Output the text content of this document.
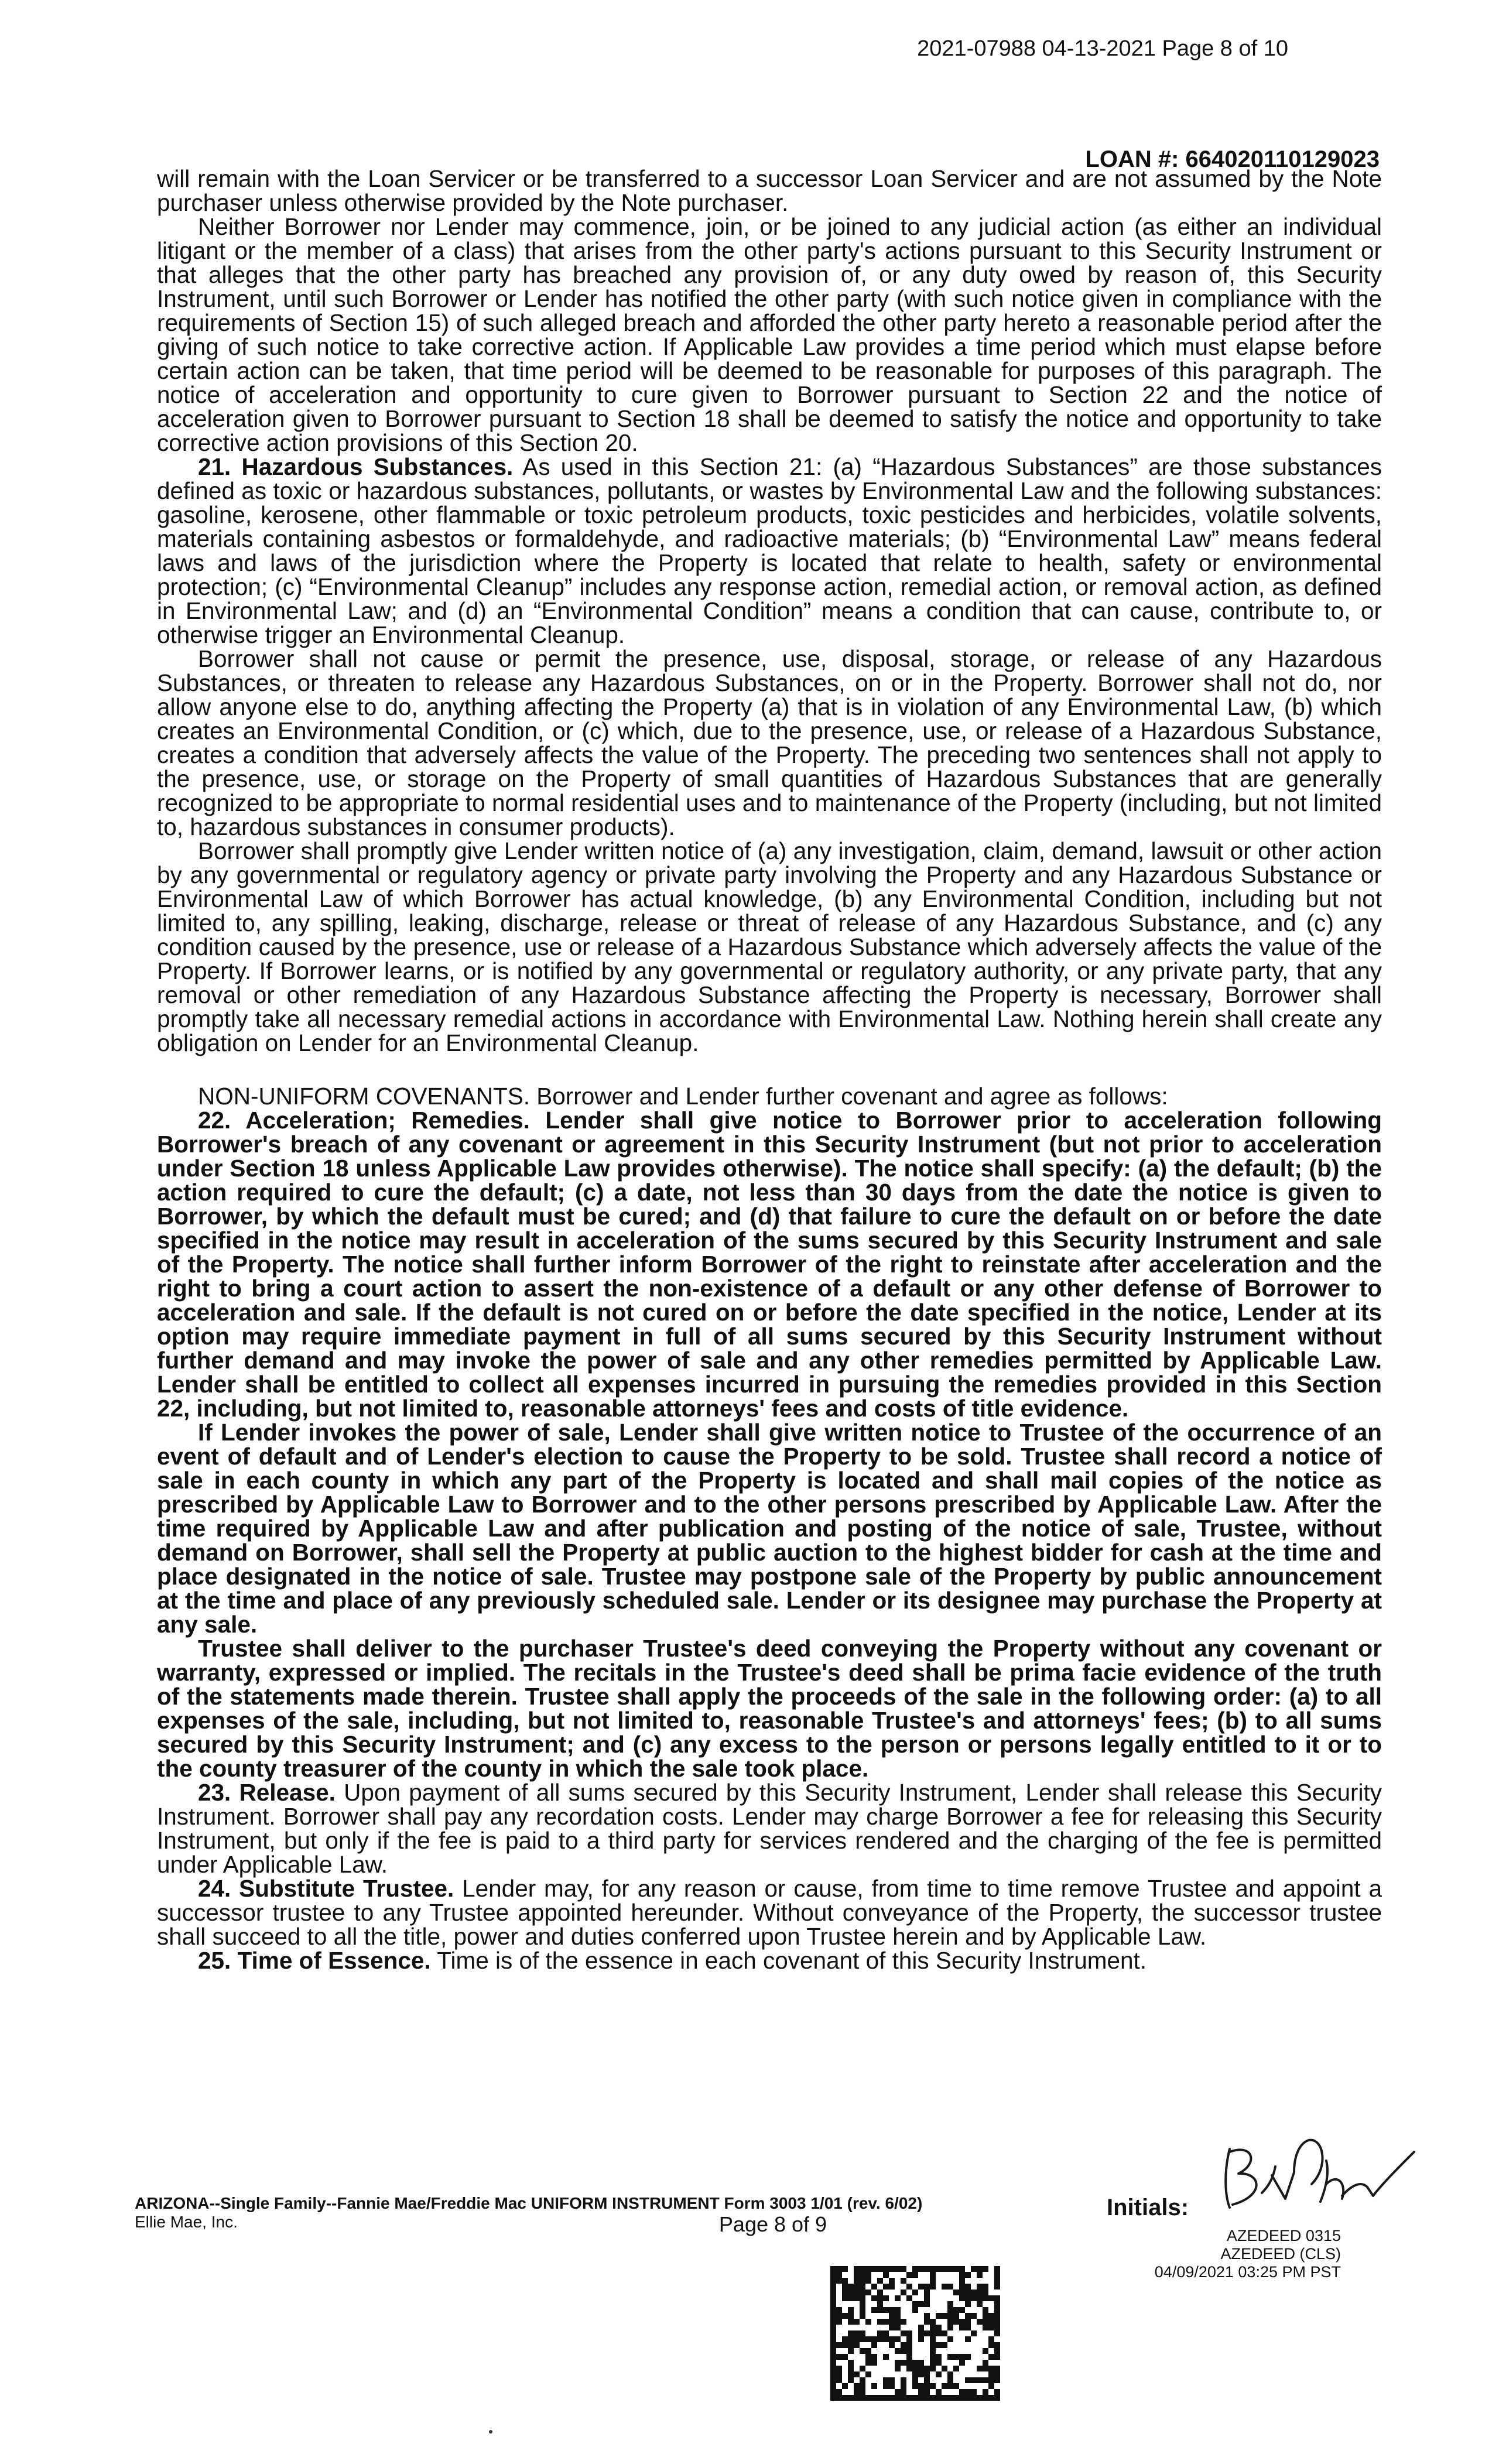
2021-07988 04-13-2021 Page 8 of 10
LOAN #: 664020110129023

will remain with the Loan Servicer or be transferred to a successor Loan Servicer and are not assumed by the Note purchaser unless otherwise provided by the Note purchaser.

Neither Borrower nor Lender may commence, join, or be joined to any judicial action (as either an individual litigant or the member of a class) that arises from the other party's actions pursuant to this Security Instrument or that alleges that the other party has breached any provision of, or any duty owed by reason of, this Security Instrument, until such Borrower or Lender has notified the other party (with such notice given in compliance with the requirements of Section 15) of such alleged breach and afforded the other party hereto a reasonable period after the giving of such notice to take corrective action. If Applicable Law provides a time period which must elapse before certain action can be taken, that time period will be deemed to be reasonable for purposes of this paragraph. The notice of acceleration and opportunity to cure given to Borrower pursuant to Section 22 and the notice of acceleration given to Borrower pursuant to Section 18 shall be deemed to satisfy the notice and opportunity to take corrective action provisions of this Section 20.

21. Hazardous Substances. As used in this Section 21: (a) “Hazardous Substances” are those substances defined as toxic or hazardous substances, pollutants, or wastes by Environmental Law and the following substances: gasoline, kerosene, other flammable or toxic petroleum products, toxic pesticides and herbicides, volatile solvents, materials containing asbestos or formaldehyde, and radioactive materials; (b) “Environmental Law” means federal laws and laws of the jurisdiction where the Property is located that relate to health, safety or environmental protection; (c) “Environmental Cleanup” includes any response action, remedial action, or removal action, as defined in Environmental Law; and (d) an “Environmental Condition” means a condition that can cause, contribute to, or otherwise trigger an Environmental Cleanup.

Borrower shall not cause or permit the presence, use, disposal, storage, or release of any Hazardous Substances, or threaten to release any Hazardous Substances, on or in the Property. Borrower shall not do, nor allow anyone else to do, anything affecting the Property (a) that is in violation of any Environmental Law, (b) which creates an Environmental Condition, or (c) which, due to the presence, use, or release of a Hazardous Substance, creates a condition that adversely affects the value of the Property. The preceding two sentences shall not apply to the presence, use, or storage on the Property of small quantities of Hazardous Substances that are generally recognized to be appropriate to normal residential uses and to maintenance of the Property (including, but not limited to, hazardous substances in consumer products).

Borrower shall promptly give Lender written notice of (a) any investigation, claim, demand, lawsuit or other action by any governmental or regulatory agency or private party involving the Property and any Hazardous Substance or Environmental Law of which Borrower has actual knowledge, (b) any Environmental Condition, including but not limited to, any spilling, leaking, discharge, release or threat of release of any Hazardous Substance, and (c) any condition caused by the presence, use or release of a Hazardous Substance which adversely affects the value of the Property. If Borrower learns, or is notified by any governmental or regulatory authority, or any private party, that any removal or other remediation of any Hazardous Substance affecting the Property is necessary, Borrower shall promptly take all necessary remedial actions in accordance with Environmental Law. Nothing herein shall create any obligation on Lender for an Environmental Cleanup.

NON-UNIFORM COVENANTS. Borrower and Lender further covenant and agree as follows:

22. Acceleration; Remedies. Lender shall give notice to Borrower prior to acceleration following Borrower's breach of any covenant or agreement in this Security Instrument (but not prior to acceleration under Section 18 unless Applicable Law provides otherwise). The notice shall specify: (a) the default; (b) the action required to cure the default; (c) a date, not less than 30 days from the date the notice is given to Borrower, by which the default must be cured; and (d) that failure to cure the default on or before the date specified in the notice may result in acceleration of the sums secured by this Security Instrument and sale of the Property. The notice shall further inform Borrower of the right to reinstate after acceleration and the right to bring a court action to assert the non-existence of a default or any other defense of Borrower to acceleration and sale. If the default is not cured on or before the date specified in the notice, Lender at its option may require immediate payment in full of all sums secured by this Security Instrument without further demand and may invoke the power of sale and any other remedies permitted by Applicable Law. Lender shall be entitled to collect all expenses incurred in pursuing the remedies provided in this Section 22, including, but not limited to, reasonable attorneys' fees and costs of title evidence.

If Lender invokes the power of sale, Lender shall give written notice to Trustee of the occurrence of an event of default and of Lender's election to cause the Property to be sold. Trustee shall record a notice of sale in each county in which any part of the Property is located and shall mail copies of the notice as prescribed by Applicable Law to Borrower and to the other persons prescribed by Applicable Law. After the time required by Applicable Law and after publication and posting of the notice of sale, Trustee, without demand on Borrower, shall sell the Property at public auction to the highest bidder for cash at the time and place designated in the notice of sale. Trustee may postpone sale of the Property by public announcement at the time and place of any previously scheduled sale. Lender or its designee may purchase the Property at any sale.

Trustee shall deliver to the purchaser Trustee's deed conveying the Property without any covenant or warranty, expressed or implied. The recitals in the Trustee's deed shall be prima facie evidence of the truth of the statements made therein. Trustee shall apply the proceeds of the sale in the following order: (a) to all expenses of the sale, including, but not limited to, reasonable Trustee's and attorneys' fees; (b) to all sums secured by this Security Instrument; and (c) any excess to the person or persons legally entitled to it or to the county treasurer of the county in which the sale took place.

23. Release. Upon payment of all sums secured by this Security Instrument, Lender shall release this Security Instrument. Borrower shall pay any recordation costs. Lender may charge Borrower a fee for releasing this Security Instrument, but only if the fee is paid to a third party for services rendered and the charging of the fee is permitted under Applicable Law.

24. Substitute Trustee. Lender may, for any reason or cause, from time to time remove Trustee and appoint a successor trustee to any Trustee appointed hereunder. Without conveyance of the Property, the successor trustee shall succeed to all the title, power and duties conferred upon Trustee herein and by Applicable Law.

25. Time of Essence. Time is of the essence in each covenant of this Security Instrument.

ARIZONA--Single Family--Fannie Mae/Freddie Mac UNIFORM INSTRUMENT Form 3003 1/01 (rev. 6/02)
Ellie Mae, Inc.	Page 8 of 9
Initials:
AZEDEED 0315
AZEDEED (CLS)
04/09/2021 03:25 PM PST
